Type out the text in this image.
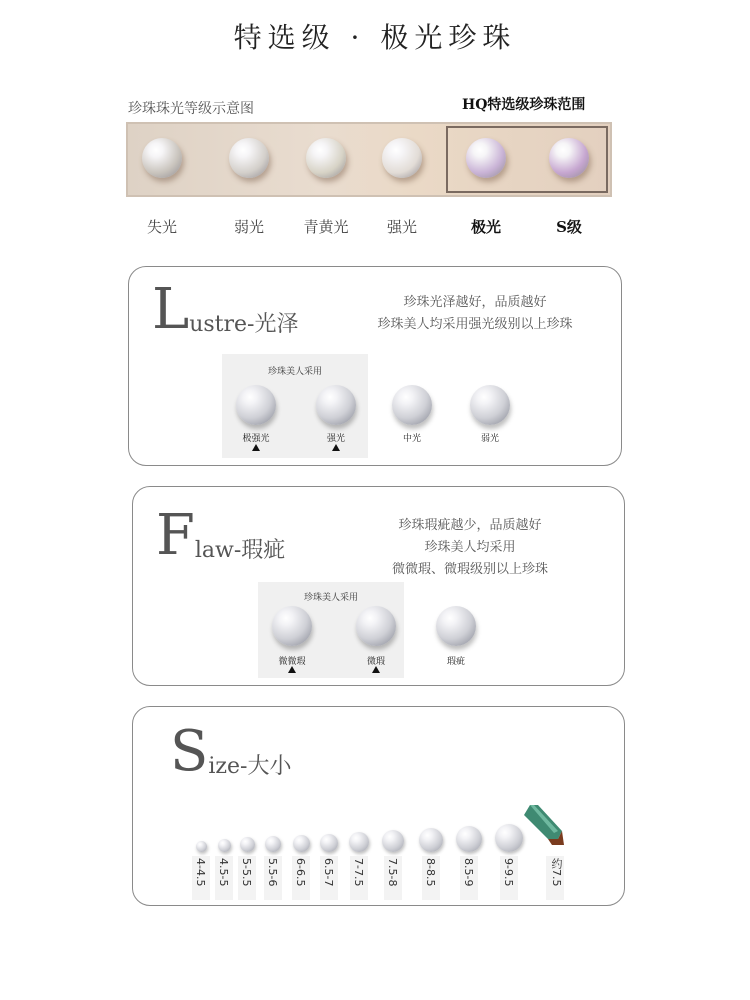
特选级 · 极光珍珠
珍珠珠光等级示意图	HQ特选级珍珠范围
失光	弱光	青黄光	强光	极光	S级
Lustre-光泽
珍珠光泽越好，品质越好
珍珠美人均采用强光级别以上珍珠
珍珠美人采用
极强光	强光	中光	弱光
Flaw-瑕疵
珍珠瑕疵越少，品质越好
珍珠美人均采用
微微瑕、微瑕级别以上珍珠
珍珠美人采用
微微瑕	微瑕	瑕疵
Size-大小
4-4.5 4.5-5 5-5.5 5.5-6 6-6.5 6.5-7 7-7.5 7.5-8 8-8.5 8.5-9 9-9.5	约7.5
